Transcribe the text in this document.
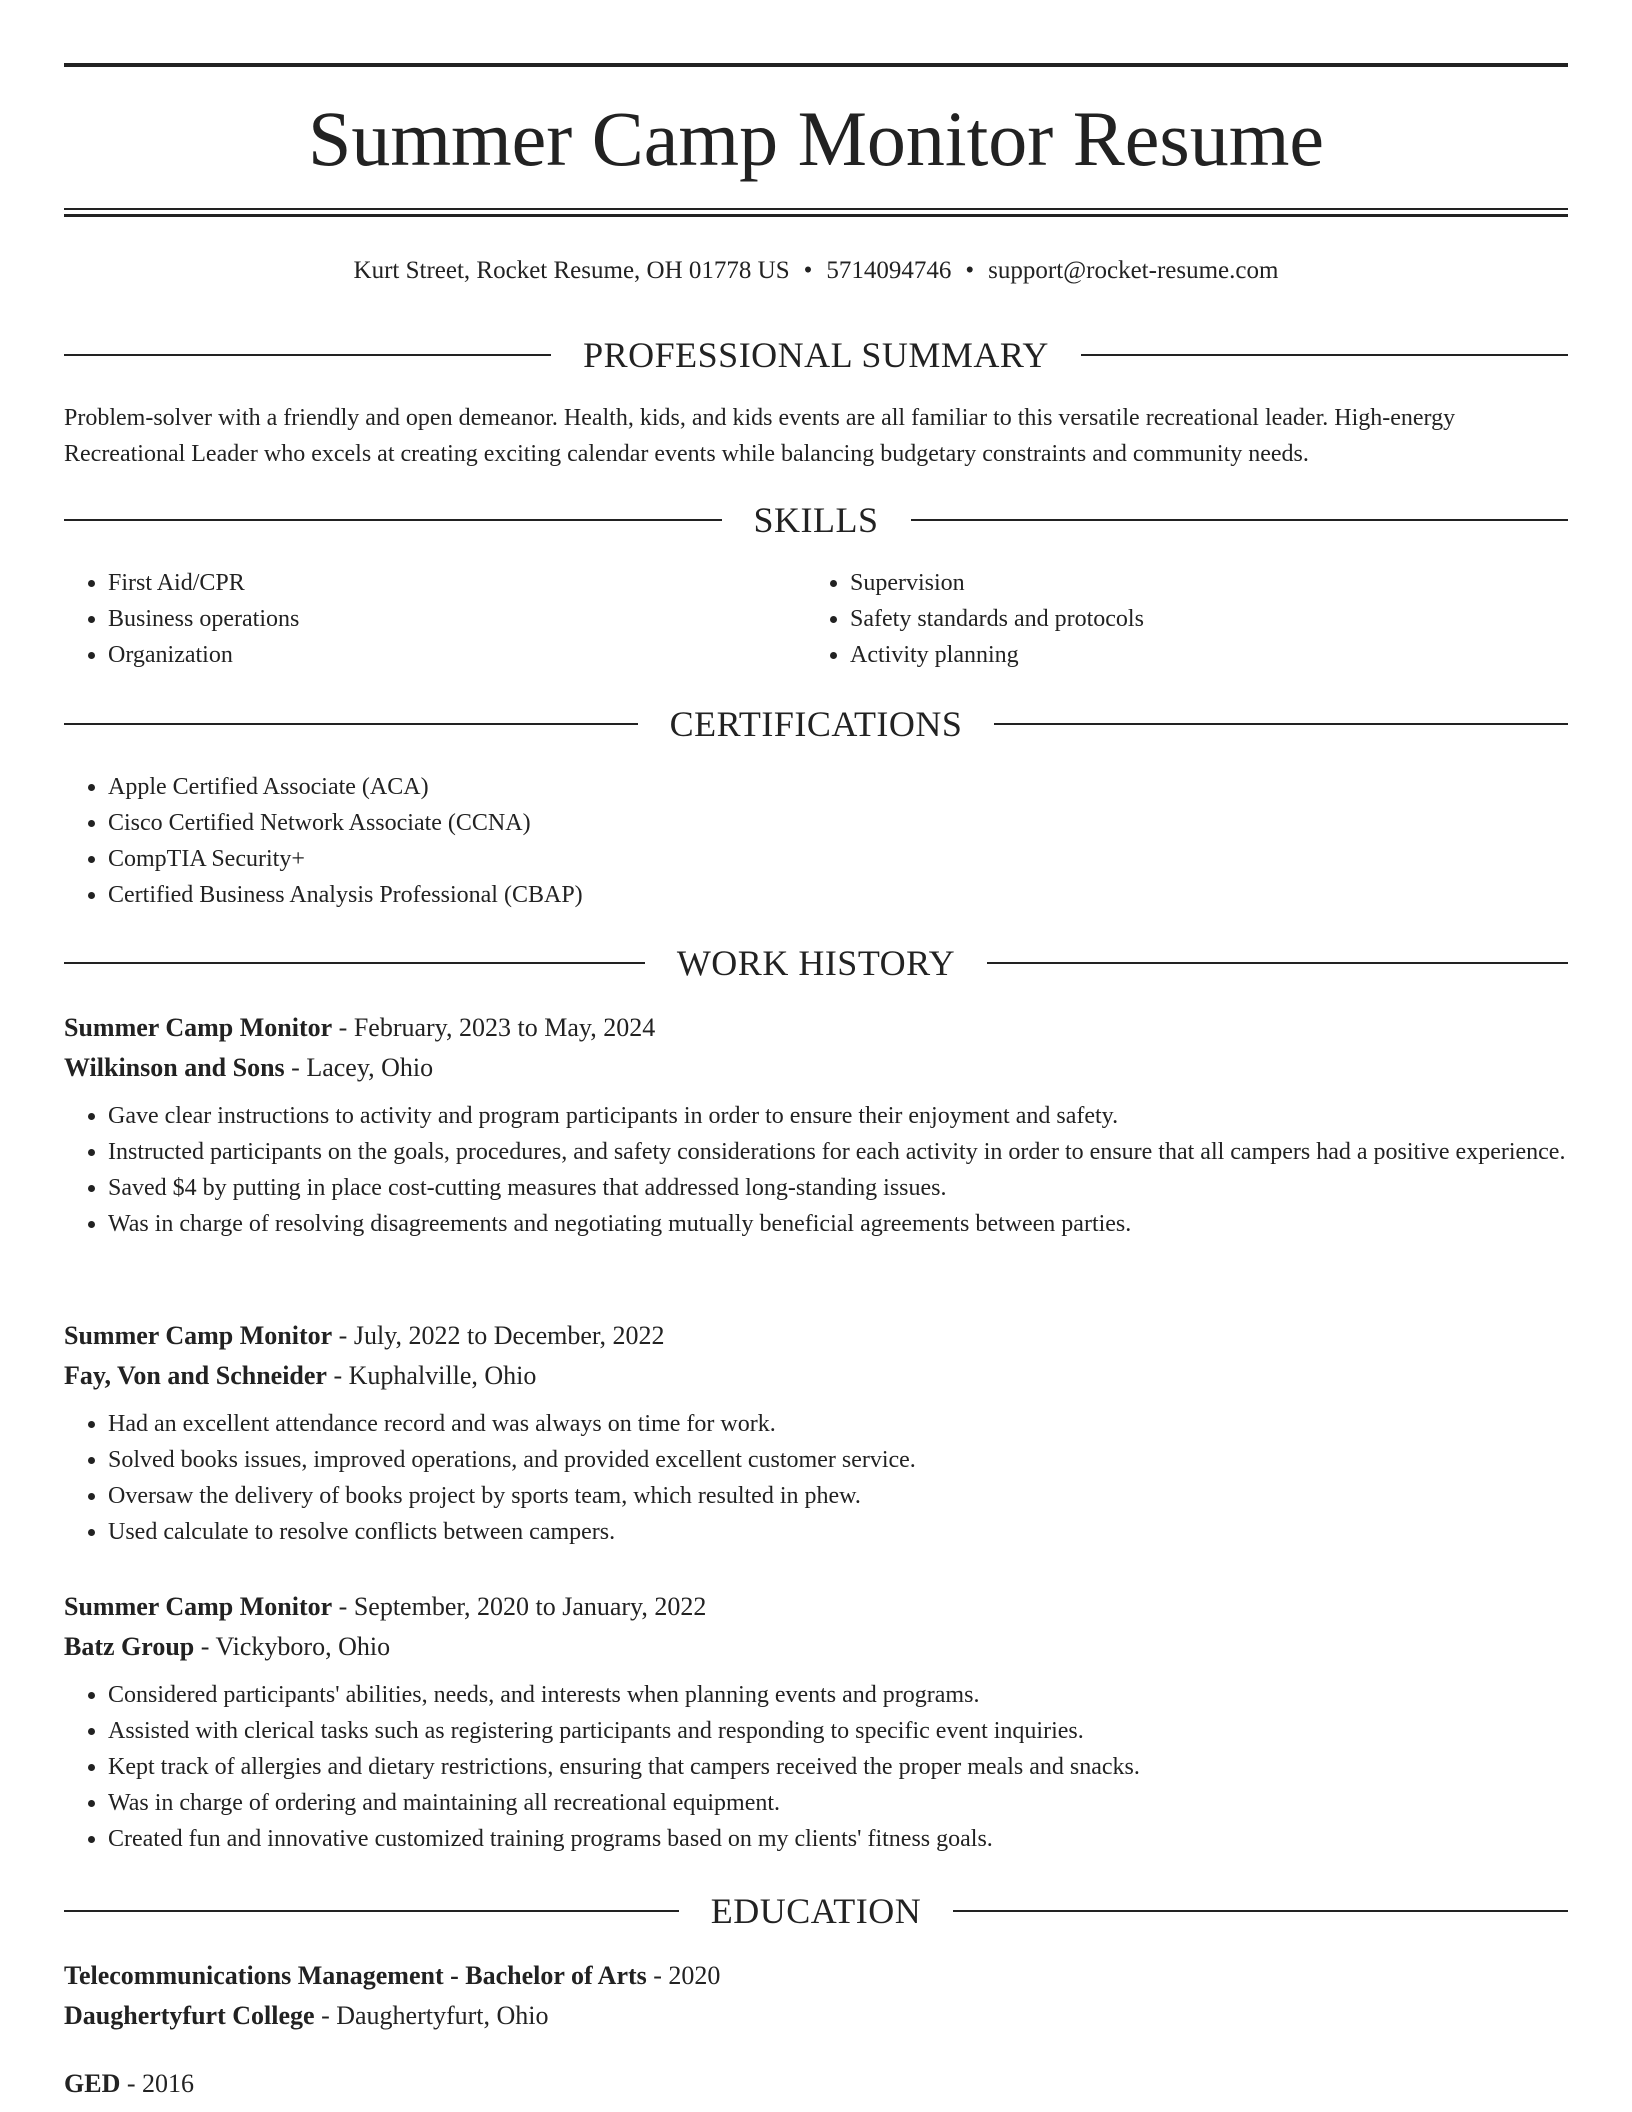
Summer Camp Monitor Resume
Kurt Street, Rocket Resume, OH 01778 US • 5714094746 • support@rocket-resume.com
PROFESSIONAL SUMMARY

Problem-solver with a friendly and open demeanor. Health, kids, and kids events are all familiar to this versatile recreational leader. High-energy Recreational Leader who excels at creating exciting calendar events while balancing budgetary constraints and community needs.

SKILLS
• First Aid/CPR
• Business operations
• Organization
• Supervision
• Safety standards and protocols
• Activity planning
CERTIFICATIONS
• Apple Certified Associate (ACA)
• Cisco Certified Network Associate (CCNA)
• CompTIA Security+
• Certified Business Analysis Professional (CBAP)
WORK HISTORY
Summer Camp Monitor - February, 2023 to May, 2024
Wilkinson and Sons - Lacey, Ohio
• Gave clear instructions to activity and program participants in order to ensure their enjoyment and safety.
• Instructed participants on the goals, procedures, and safety considerations for each activity in order to ensure that all campers had a positive experience.
• Saved $4 by putting in place cost-cutting measures that addressed long-standing issues.
• Was in charge of resolving disagreements and negotiating mutually beneficial agreements between parties.
Summer Camp Monitor - July, 2022 to December, 2022
Fay, Von and Schneider - Kuphalville, Ohio
• Had an excellent attendance record and was always on time for work.
• Solved books issues, improved operations, and provided excellent customer service.
• Oversaw the delivery of books project by sports team, which resulted in phew.
• Used calculate to resolve conflicts between campers.
Summer Camp Monitor - September, 2020 to January, 2022
Batz Group - Vickyboro, Ohio
• Considered participants' abilities, needs, and interests when planning events and programs.
• Assisted with clerical tasks such as registering participants and responding to specific event inquiries.
• Kept track of allergies and dietary restrictions, ensuring that campers received the proper meals and snacks.
• Was in charge of ordering and maintaining all recreational equipment.
• Created fun and innovative customized training programs based on my clients' fitness goals.
EDUCATION
Telecommunications Management - Bachelor of Arts - 2020
Daughertyfurt College - Daughertyfurt, Ohio
GED - 2016
